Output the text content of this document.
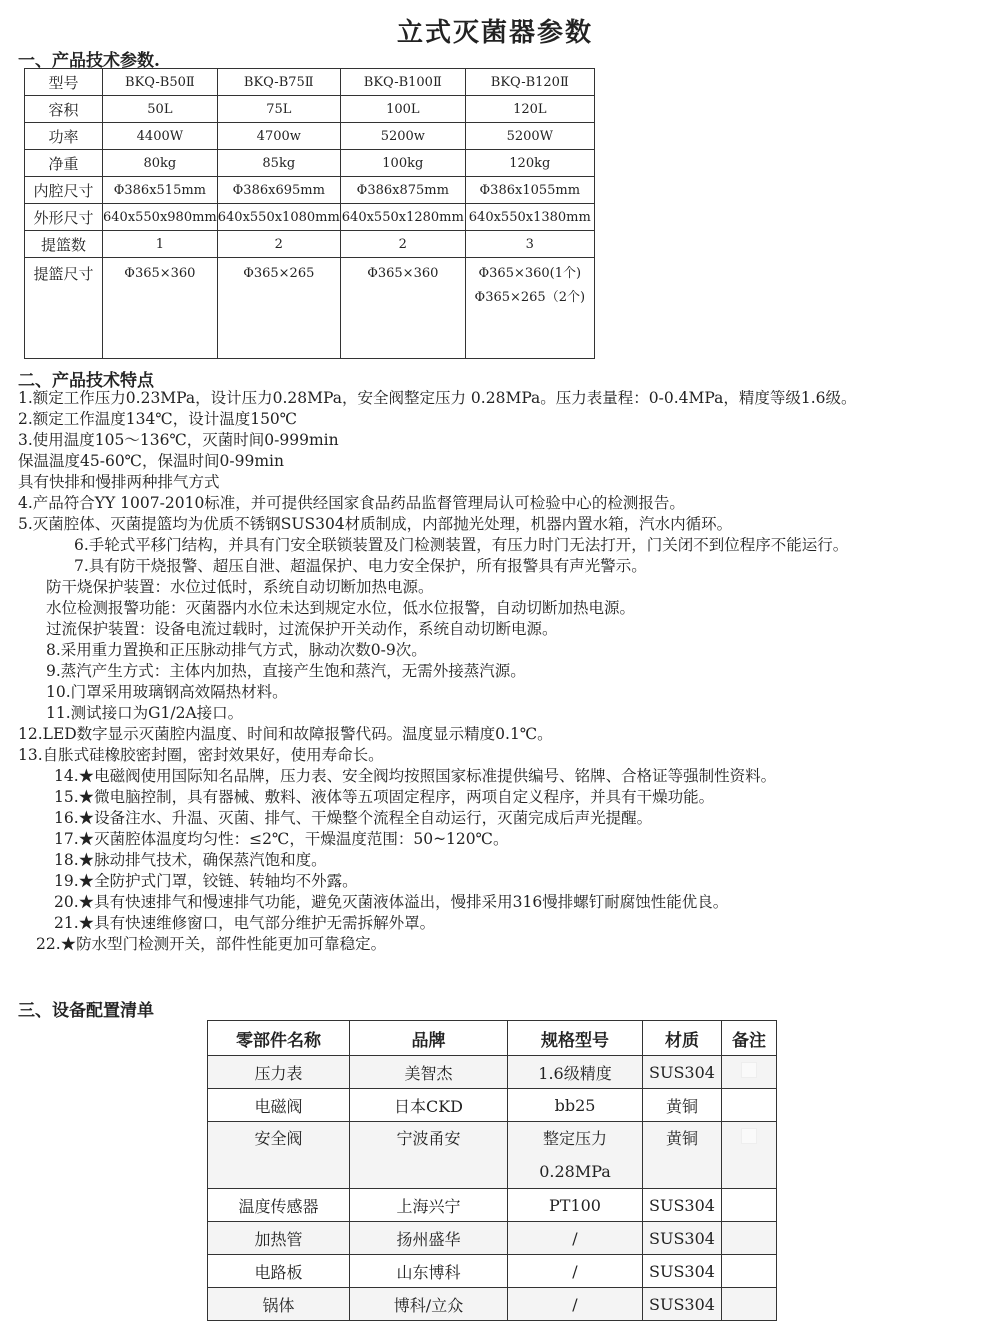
立式灭菌器参数
一、产品技术参数.
型号	BKQ-B50Ⅱ	BKQ-B75Ⅱ	BKQ-B100Ⅱ	BKQ-B120Ⅱ
容积	50L	75L	100L	120L
功率	4400W	4700w	5200w	5200W
净重	80kg	85kg	100kg	120kg
内腔尺寸	Φ386x515mm	Φ386x695mm	Φ386x875mm	Φ386x1055mm
外形尺寸	640x550x980mm	640x550x1080mm	640x550x1280mm	640x550x1380mm
提篮数	1	2	2	3
提篮尺寸	Φ365×360	Φ365×265	Φ365×360	Φ365×360(1个)
Φ365×265（2个)
二、产品技术特点
1.额定工作压力0.23MPa，设计压力0.28MPa，安全阀整定压力 0.28MPa。压力表量程：0-0.4MPa，精度等级1.6级。
2.额定工作温度134℃，设计温度150℃
3.使用温度105～136℃，灭菌时间0-999min
保温温度45-60℃，保温时间0-99min
具有快排和慢排两种排气方式
4.产品符合YY 1007-2010标准，并可提供经国家食品药品监督管理局认可检验中心的检测报告。
5.灭菌腔体、灭菌提篮均为优质不锈钢SUS304材质制成，内部抛光处理，机器内置水箱，汽水内循环。
6.手轮式平移门结构，并具有门安全联锁装置及门检测装置，有压力时门无法打开，门关闭不到位程序不能运行。
7.具有防干烧报警、超压自泄、超温保护、电力安全保护，所有报警具有声光警示。
防干烧保护装置：水位过低时，系统自动切断加热电源。
水位检测报警功能：灭菌器内水位未达到规定水位，低水位报警，自动切断加热电源。
过流保护装置：设备电流过载时，过流保护开关动作，系统自动切断电源。
8.采用重力置换和正压脉动排气方式，脉动次数0-9次。
9.蒸汽产生方式：主体内加热，直接产生饱和蒸汽，无需外接蒸汽源。
10.门罩采用玻璃钢高效隔热材料。
11.测试接口为G1/2A接口。
12.LED数字显示灭菌腔内温度、时间和故障报警代码。温度显示精度0.1℃。
13.自胀式硅橡胶密封圈，密封效果好，使用寿命长。
14.★电磁阀使用国际知名品牌，压力表、安全阀均按照国家标准提供编号、铭牌、合格证等强制性资料。
15.★微电脑控制，具有器械、敷料、液体等五项固定程序，两项自定义程序，并具有干燥功能。
16.★设备注水、升温、灭菌、排气、干燥整个流程全自动运行，灭菌完成后声光提醒。
17.★灭菌腔体温度均匀性：≤2℃，干燥温度范围：50~120℃。
18.★脉动排气技术，确保蒸汽饱和度。
19.★全防护式门罩，铰链、转轴均不外露。
20.★具有快速排气和慢速排气功能，避免灭菌液体溢出，慢排采用316慢排螺钉耐腐蚀性能优良。
21.★具有快速维修窗口，电气部分维护无需拆解外罩。
22.★防水型门检测开关，部件性能更加可靠稳定。
三、设备配置清单
零部件名称	品牌	规格型号	材质	备注
压力表	美智杰	1.6级精度	SUS304	
电磁阀	日本CKD	bb25	黄铜	
安全阀	宁波甬安	整定压力0.28MPa	黄铜	
温度传感器	上海兴宁	PT100	SUS304	
加热管	扬州盛华	/	SUS304	
电路板	山东博科	/	SUS304	
锅体	博科/立众	/	SUS304	
